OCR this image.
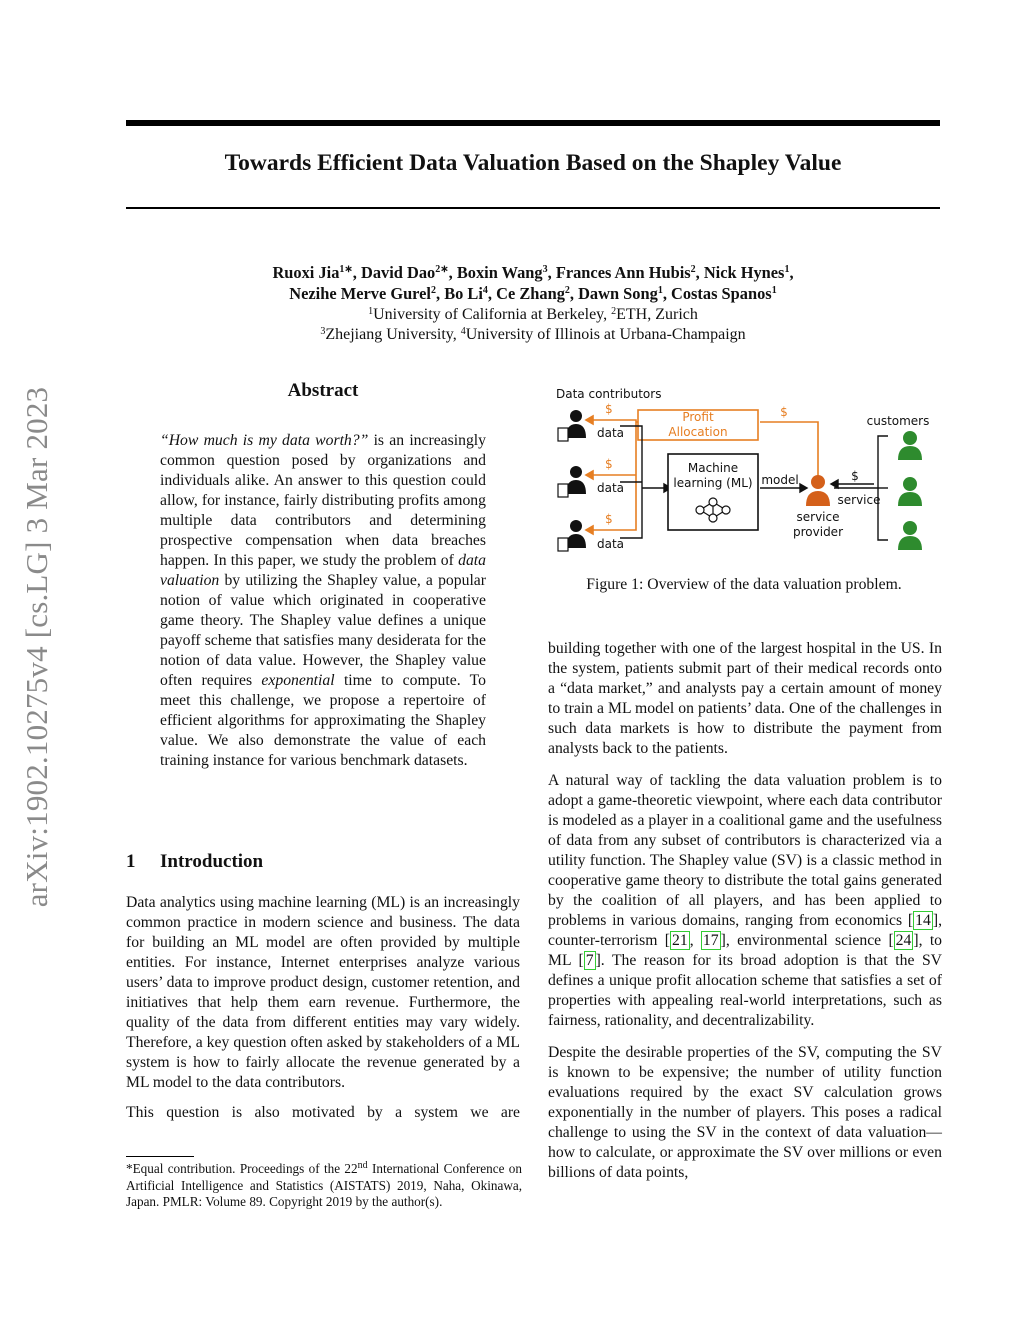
Towards Efficient Data Valuation Based on the Shapley Value
Ruoxi Jia$^{1∗}$, David Dao$^{2∗}$, Boxin Wang$^3$, Frances Ann Hubis$^2$, Nick Hynes$^1$,
Nezihe Merve Gurel$^2$, Bo Li$^4$, Ce Zhang$^2$, Dawn Song$^1$, Costas Spanos$^1$
$^1$University of California at Berkeley, $^2$ETH, Zurich
$^3$Zhejiang University, $^4$University of Illinois at Urbana-Champaign
arXiv:1902.10275v4 [cs.LG] 3 Mar 2023	Abstract
“How much is my data worth?” is an increasingly common question posed by organizations and individuals alike. An answer to this question could allow, for instance, fairly distributing profits among multiple data contributors and determining prospective compensation when data breaches happen. In this paper, we study the problem of data valuation by utilizing the Shapley value, a popular notion of value which originated in cooperative game theory. The Shapley value defines a unique payoff scheme that satisfies many desiderata for the notion of data value. However, the Shapley value often requires exponential time to compute. To meet this challenge, we propose a repertoire of efficient algorithms for approximating the Shapley value. We also demonstrate the value of each training instance for various benchmark datasets.
1 Introduction

Data analytics using machine learning (ML) is an increasingly common practice in modern science and business. The data for building an ML model are often provided by multiple entities. For instance, Internet enterprises analyze various users’ data to improve product design, customer retention, and initiatives that help them earn revenue. Furthermore, the quality of the data from different entities may vary widely. Therefore, a key question often asked by stakeholders of a ML system is how to fairly allocate the revenue generated by a ML model to the data contributors.

This question is also motivated by a system we are

*Equal contribution. Proceedings of the 22nd International Conference on Artificial Intelligence and Statistics (AISTATS) 2019, Naha, Okinawa, Japan. PMLR: Volume 89. Copyright 2019 by the author(s).
Data contributors
$
data
$
data
$
data
Profit
Allocation
$
Machine
learning (ML) model
service
provider
$
service
customers
Figure 1: Overview of the data valuation problem.

building together with one of the largest hospital in the US. In the system, patients submit part of their medical records onto a “data market,” and analysts pay a certain amount of money to train a ML model on patients’ data. One of the challenges in such data markets is how to distribute the payment from analysts back to the patients.

A natural way of tackling the data valuation problem is to adopt a game-theoretic viewpoint, where each data contributor is modeled as a player in a coalitional game and the usefulness of data from any subset of contributors is characterized via a utility function. The Shapley value (SV) is a classic method in cooperative game theory to distribute the total gains generated by the coalition of all players, and has been applied to problems in various domains, ranging from economics [ 14 ], counter-terrorism [ 21 , 17 ], environmental science [ 24 ], to ML [ 7 ]. The reason for its broad adoption is that the SV defines a unique profit allocation scheme that satisfies a set of properties with appealing real-world interpretations, such as fairness, rationality, and decentralizability.

Despite the desirable properties of the SV, computing the SV is known to be expensive; the number of utility function evaluations required by the exact SV calculation grows exponentially in the number of players. This poses a radical challenge to using the SV in the context of data valuation—how to calculate, or approximate the SV over millions or even billions of data points,
